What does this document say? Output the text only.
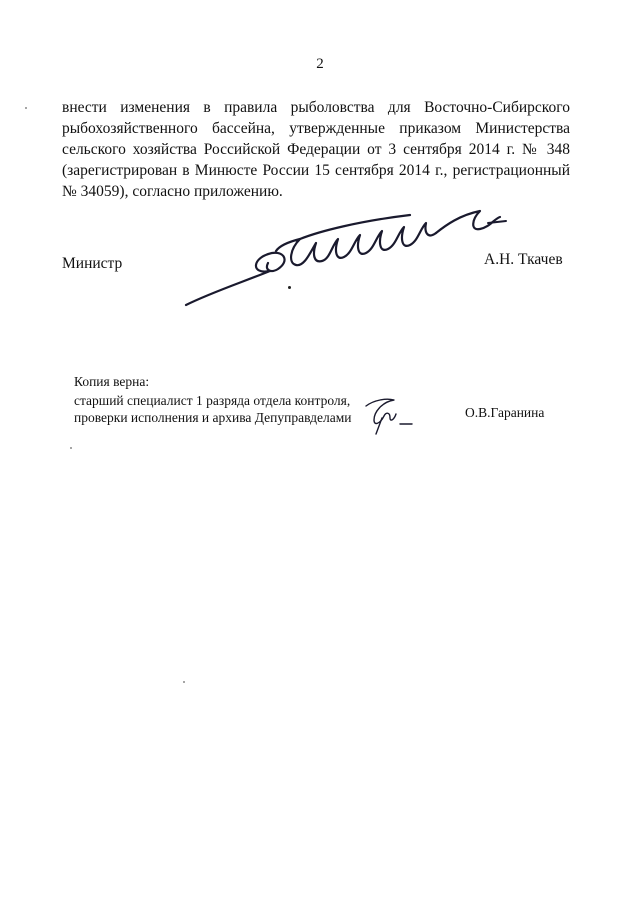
2

внести изменения в правила рыболовства для Восточно-Сибирского рыбохозяйственного бассейна, утвержденные приказом Министерства сельского хозяйства Российской Федерации от 3 сентября 2014 г. № 348 (зарегистрирован в Минюсте России 15 сентября 2014 г., регистрационный № 34059), согласно приложению.

Министр	А.Н. Ткачев
Копия верна:
старший специалист 1 разряда отдела контроля,
проверки исполнения и архива Депуправделами	О.В.Гаранина
